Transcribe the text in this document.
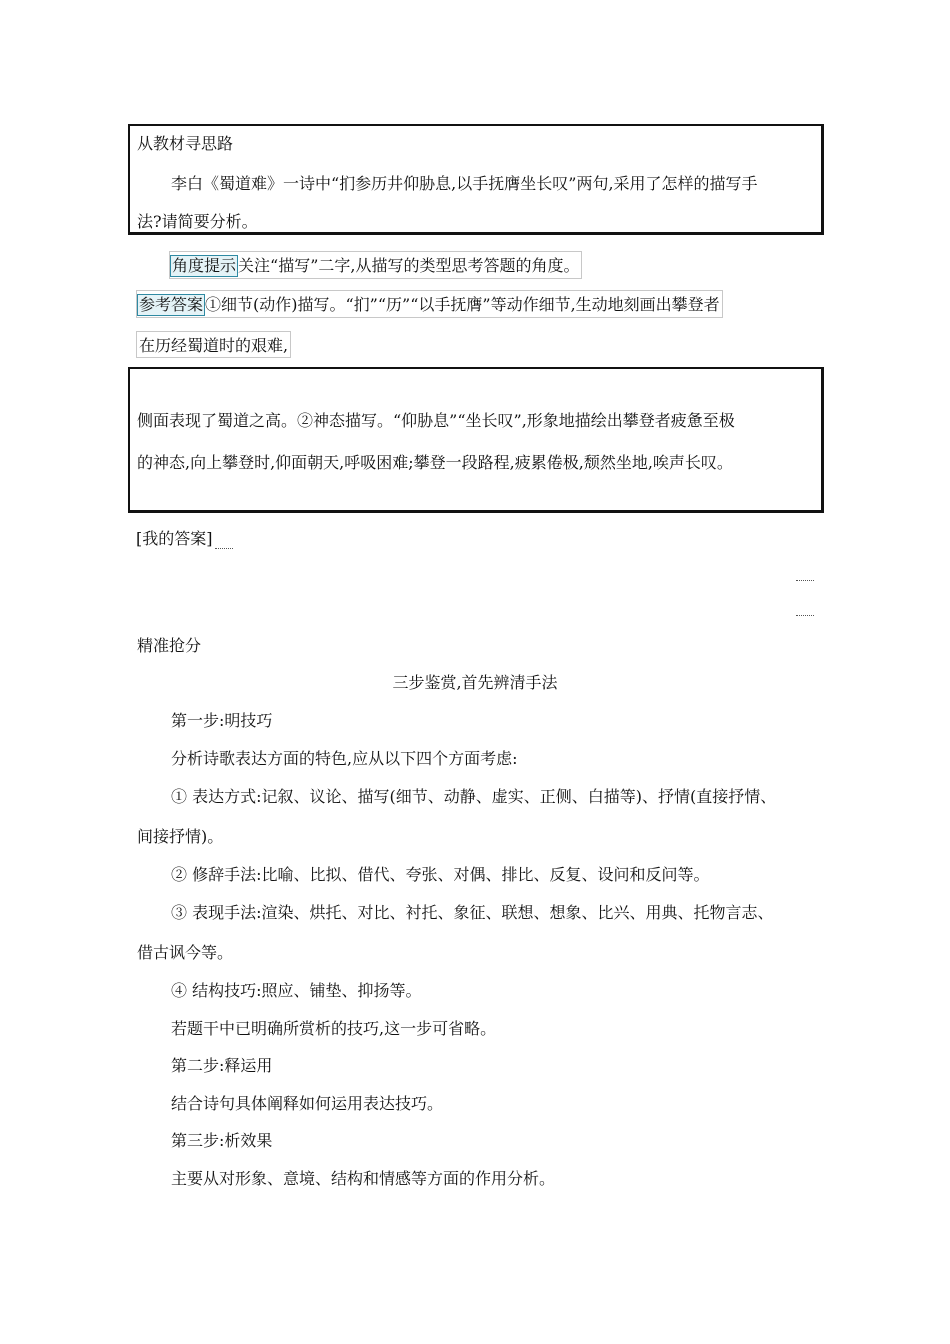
从教材寻思路
李白《蜀道难》一诗中“扪参历井仰胁息,以手抚膺坐长叹”两句,采用了怎样的描写手
法?请简要分析。
角度提示 关注“描写”二字,从描写的类型思考答题的角度。
参考答案 ①细节(动作)描写。“扪”“历”“以手抚膺”等动作细节,生动地刻画出攀登者
在历经蜀道时的艰难,
侧面表现了蜀道之高。②神态描写。“仰胁息”“坐长叹”,形象地描绘出攀登者疲惫至极
的神态,向上攀登时,仰面朝天,呼吸困难;攀登一段路程,疲累倦极,颓然坐地,唉声长叹。
[我的答案]
精准抢分
三步鉴赏,首先辨清手法
第一步:明技巧
分析诗歌表达方面的特色,应从以下四个方面考虑:
① 表达方式:记叙、议论、描写(细节、动静、虚实、正侧、白描等)、抒情(直接抒情、
间接抒情)。
② 修辞手法:比喻、比拟、借代、夸张、对偶、排比、反复、设问和反问等。
③ 表现手法:渲染、烘托、对比、衬托、象征、联想、想象、比兴、用典、托物言志、
借古讽今等。
④ 结构技巧:照应、铺垫、抑扬等。
若题干中已明确所赏析的技巧,这一步可省略。
第二步:释运用
结合诗句具体阐释如何运用表达技巧。
第三步:析效果
主要从对形象、意境、结构和情感等方面的作用分析。
